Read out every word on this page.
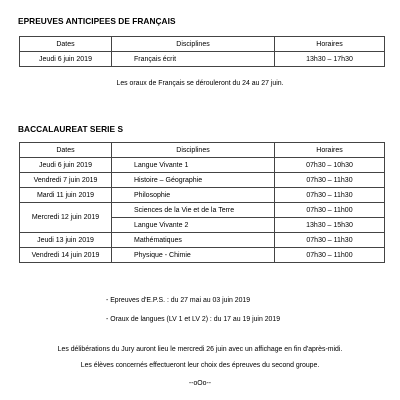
EPREUVES ANTICIPEES DE FRANÇAIS
Dates	Disciplines	Horaires
Jeudi 6 juin 2019	Français écrit	13h30 – 17h30
Les oraux de Français se dérouleront du 24 au 27 juin.
BACCALAUREAT SERIE S
Dates	Disciplines	Horaires
Jeudi 6 juin 2019	Langue Vivante 1	07h30 – 10h30
Vendredi 7 juin 2019	Histoire – Géographie	07h30 – 11h30
Mardi 11 juin 2019	Philosophie	07h30 – 11h30
Mercredi 12 juin 2019	Sciences de la Vie et de la Terre	07h30 – 11h00
	Langue Vivante 2	13h30 – 15h30
Jeudi 13 juin 2019	Mathématiques	07h30 – 11h30
Vendredi 14 juin 2019	Physique - Chimie	07h30 – 11h00
- Epreuves d'E.P.S. : du 27 mai au 03 juin 2019
- Oraux de langues (LV 1 et LV 2) : du 17 au 19 juin 2019
Les délibérations du Jury auront lieu le mercredi 26 juin avec un affichage en fin d'après-midi.
Les élèves concernés effectueront leur choix des épreuves du second groupe.
--oOo--
